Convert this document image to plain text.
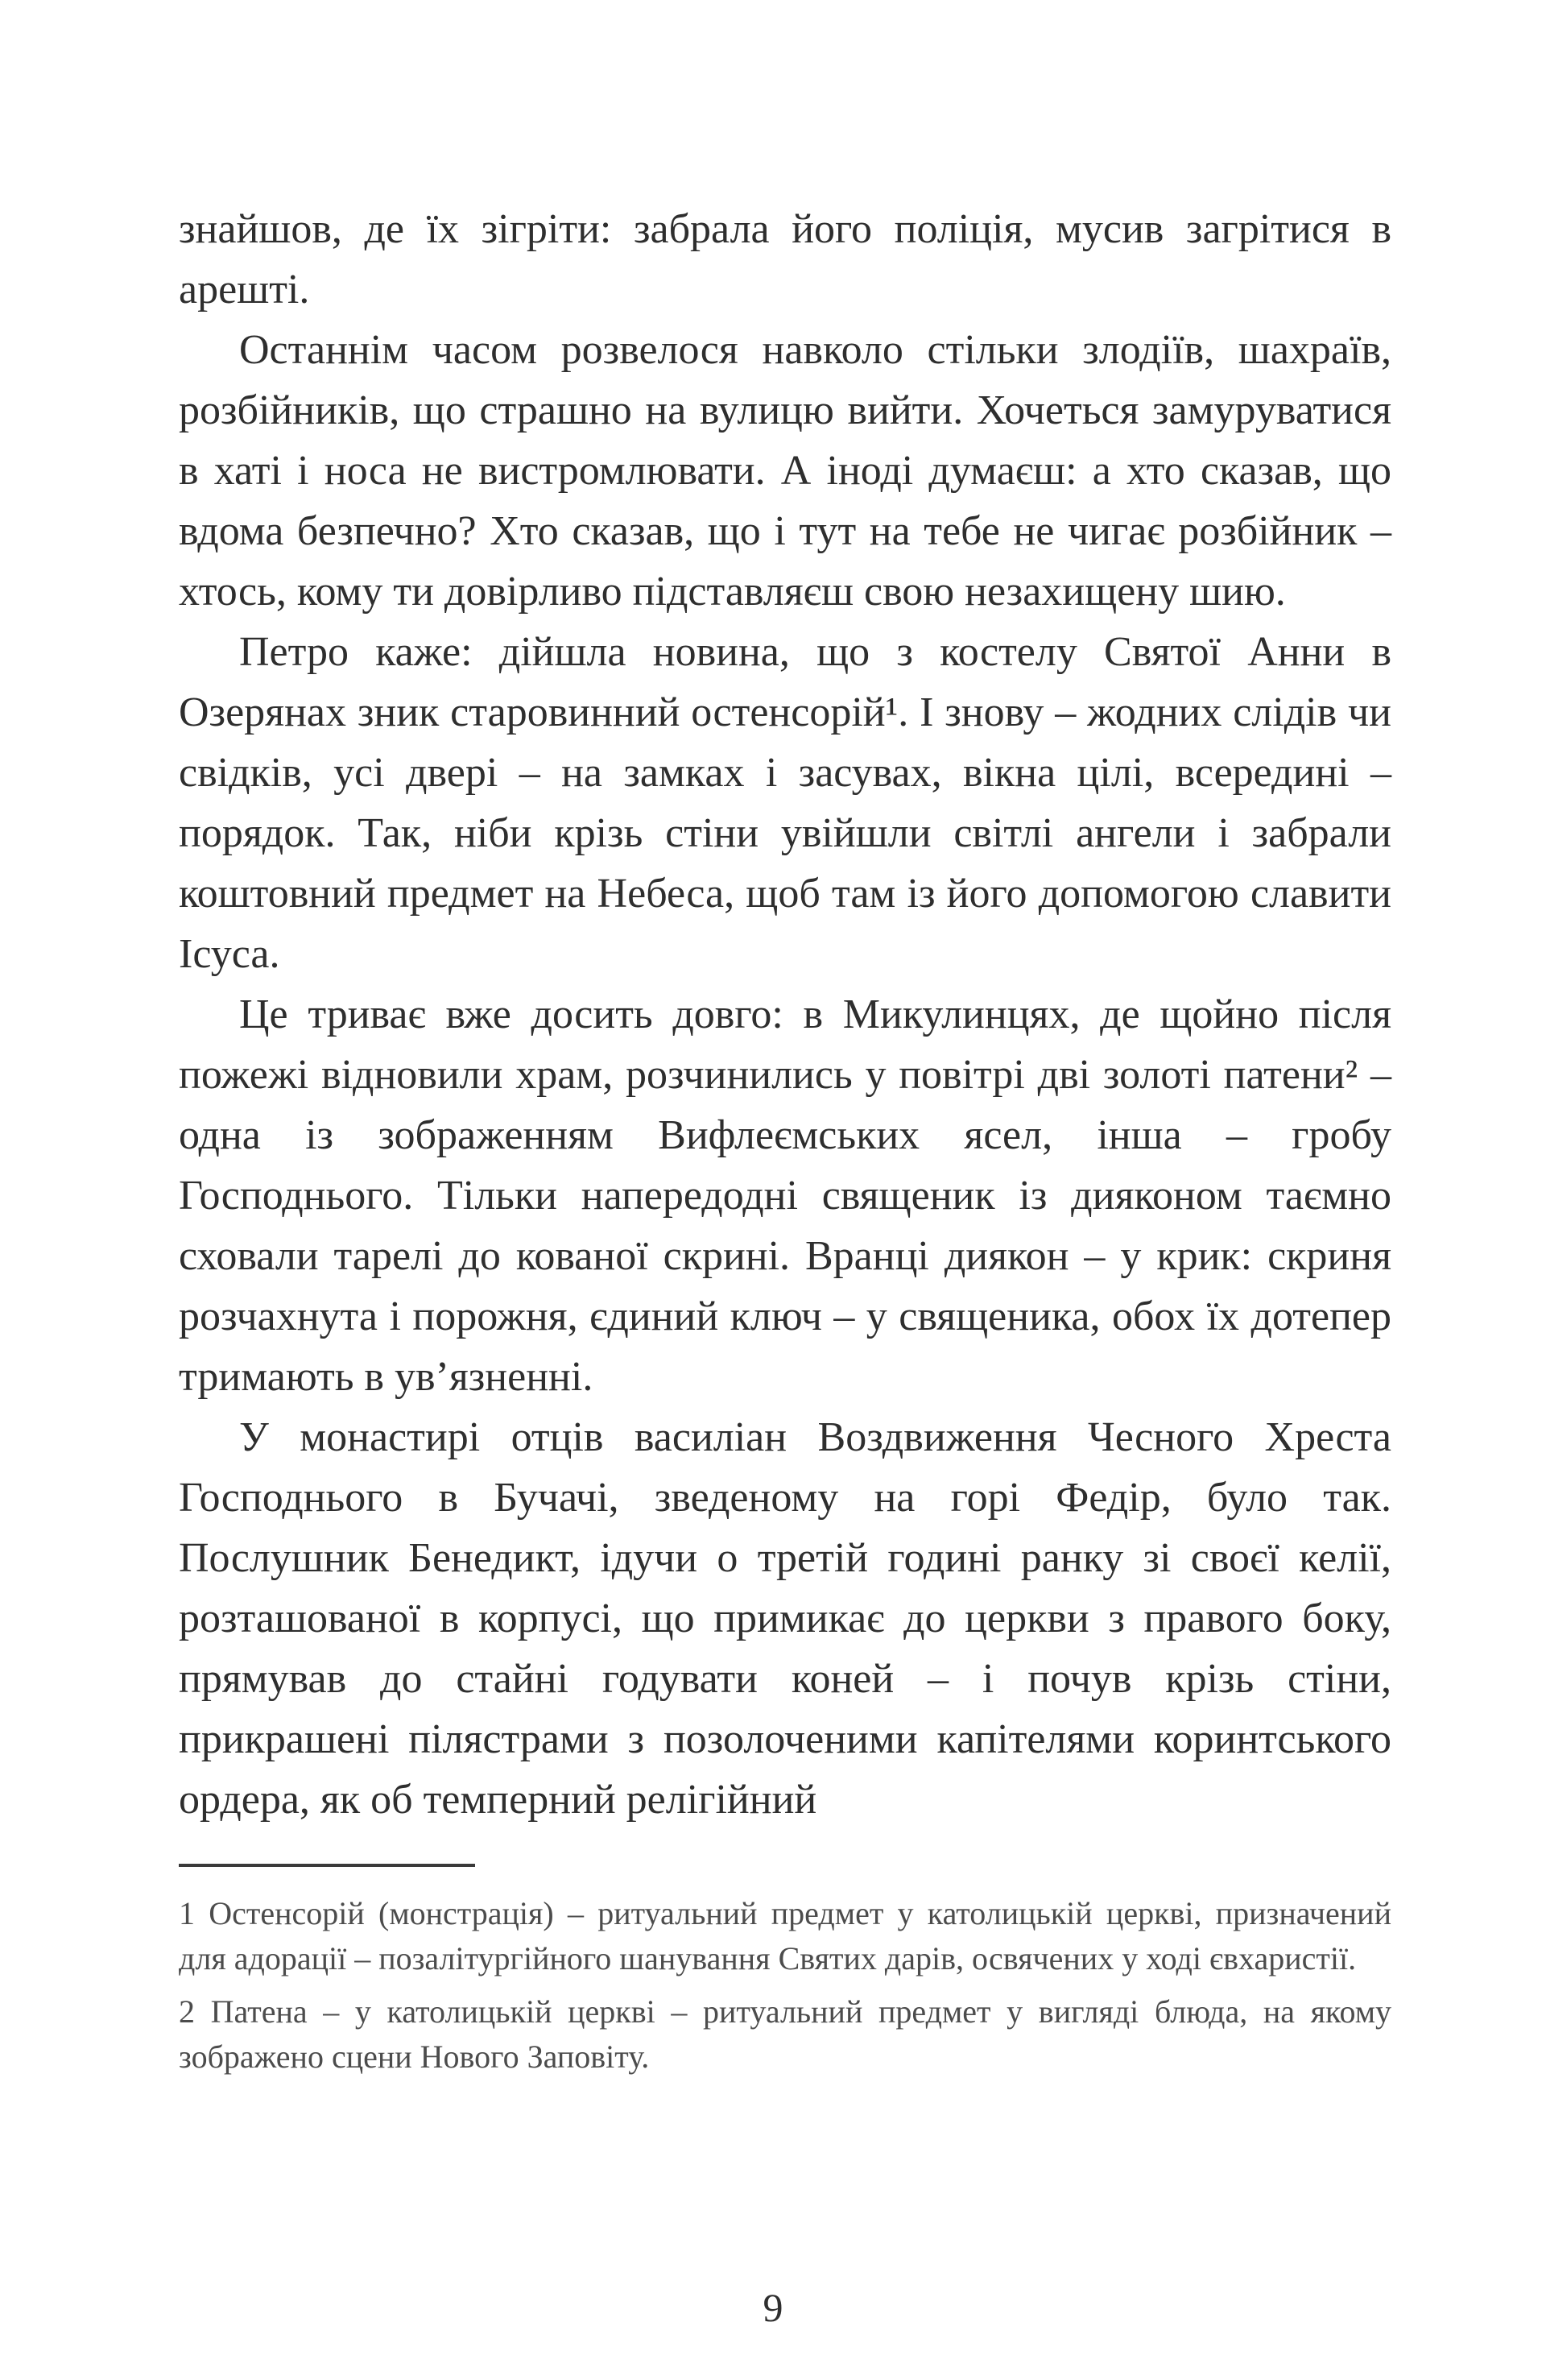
знайшов, де їх зігріти: забрала його поліція, мусив загрітися в арешті.

Останнім часом розвелося навколо стільки злодіїв, шахраїв, розбійників, що страшно на вулицю вийти. Хочеться замуруватися в хаті і носа не вистромлювати. А іноді думаєш: а хто сказав, що вдома безпечно? Хто сказав, що і тут на тебе не чигає розбійник – хтось, кому ти довірливо підставляєш свою незахищену шию.

Петро каже: дійшла новина, що з костелу Святої Анни в Озерянах зник старовинний остенсорій¹. І знову – жодних слідів чи свідків, усі двері – на замках і засувах, вікна цілі, всередині – порядок. Так, ніби крізь стіни увійшли світлі ангели і забрали коштовний предмет на Небеса, щоб там із його допомогою славити Ісуса.

Це триває вже досить довго: в Микулинцях, де щойно після пожежі відновили храм, розчинились у повітрі дві золоті патени² – одна із зображенням Вифлеємських ясел, інша – гробу Господнього. Тільки напередодні священик із дияконом таємно сховали тарелі до кованої скрині. Вранці диякон – у крик: скриня розчахнута і порожня, єдиний ключ – у священика, обох їх дотепер тримають в ув’язненні.

У монастирі отців василіан Воздвиження Чесного Хреста Господнього в Бучачі, зведеному на горі Федір, було так. Послушник Бенедикт, ідучи о третій годині ранку зі своєї келії, розташованої в корпусі, що примикає до церкви з правого боку, прямував до стайні годувати коней – і почув крізь стіни, прикрашені пілястрами з позолоченими капітелями коринтського ордера, як об темперний релігійний

1 Остенсорій (монстрація) – ритуальний предмет у католицькій церкві, призначений для адорації – позалітургійного шанування Святих дарів, освячених у ході євхаристії.

2 Патена – у католицькій церкві – ритуальний предмет у вигляді блюда, на якому зображено сцени Нового Заповіту.

9
